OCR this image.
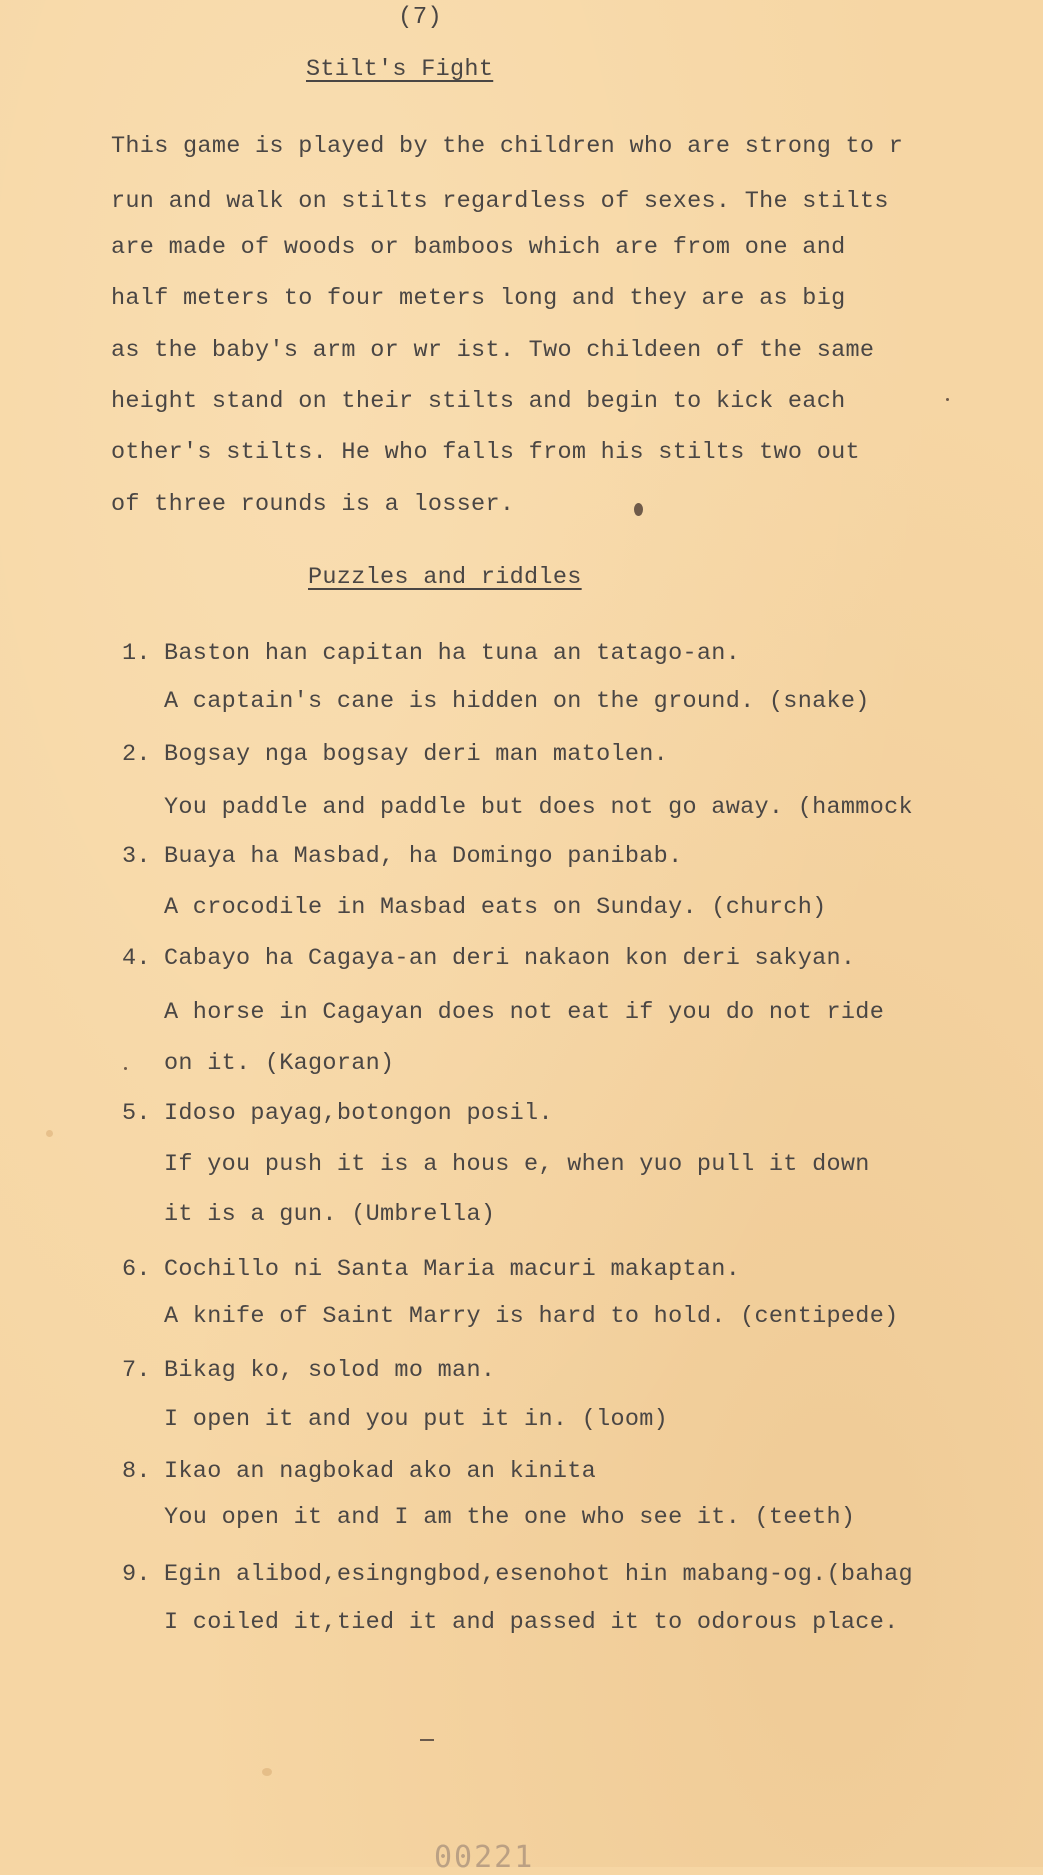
(7)
Stilt's Fight
This game is played by the children who are strong to r
run and walk on stilts regardless of sexes. The stilts
are made of woods or bamboos which are from one and
half meters to four meters long and they are as big
as the baby's arm or wr ist. Two childeen of the same
height stand on their stilts and begin to kick each
other's stilts. He who falls from his stilts two out
of three rounds is a losser.
Puzzles and riddles
1. Baston han capitan ha tuna an tatago-an.
A captain's cane is hidden on the ground. (snake)
2. Bogsay nga bogsay deri man matolen.
You paddle and paddle but does not go away. (hammock
3. Buaya ha Masbad, ha Domingo panibab.
A crocodile in Masbad eats on Sunday. (church)
4. Cabayo ha Cagaya-an deri nakaon kon deri sakyan.
A horse in Cagayan does not eat if you do not ride
on it. (Kagoran)
5. Idoso payag,botongon posil.
If you push it is a hous e, when yuo pull it down
it is a gun. (Umbrella)
6. Cochillo ni Santa Maria macuri makaptan.
A knife of Saint Marry is hard to hold. (centipede)
7. Bikag ko, solod mo man.
I open it and you put it in. (loom)
8. Ikao an nagbokad ako an kinita
You open it and I am the one who see it. (teeth)
9. Egin alibod,esingngbod,esenohot hin mabang-og.(bahag
I coiled it,tied it and passed it to odorous place.
00221
